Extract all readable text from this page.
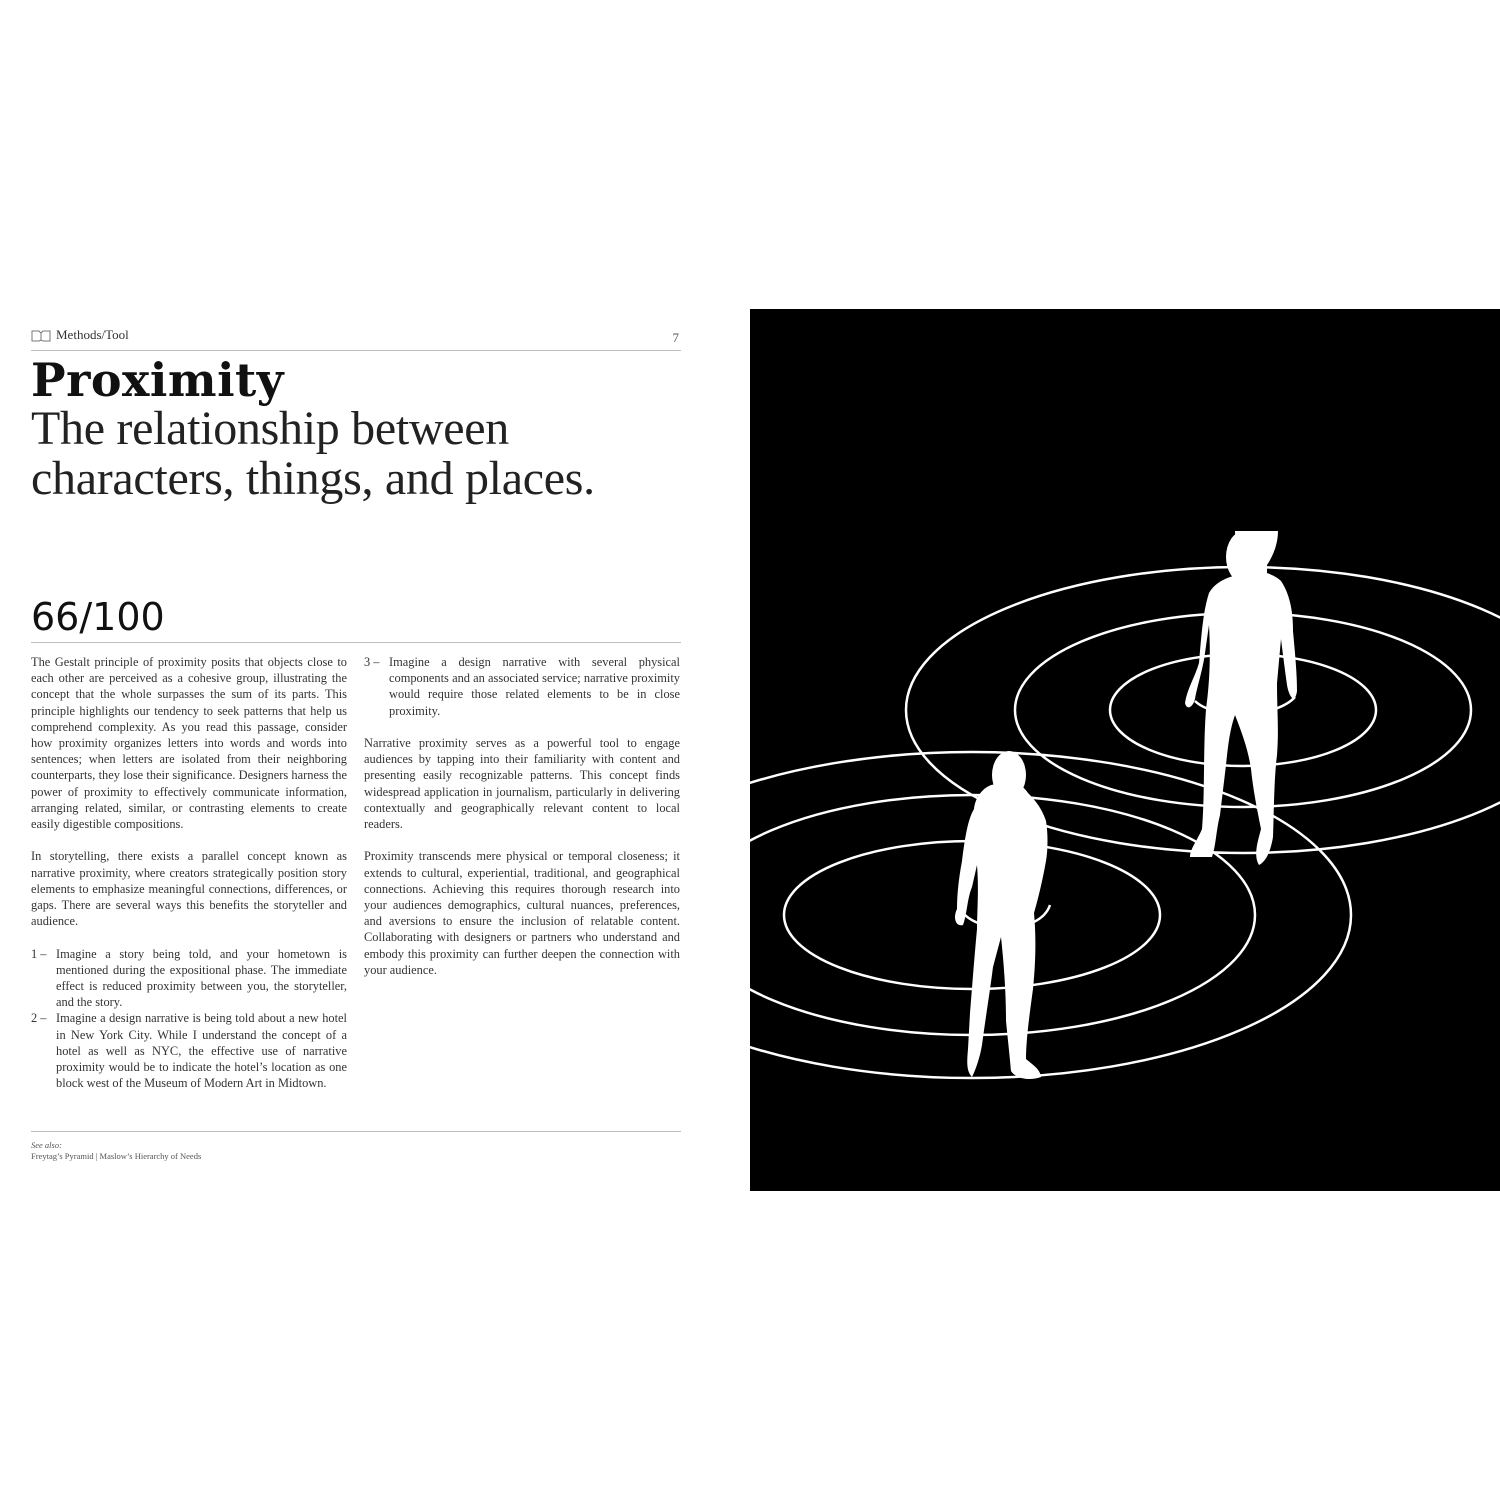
Methods/Tool	7
Proximity
The relationship between characters, things, and places.
66/100

The Gestalt principle of proximity posits that objects close to each other are perceived as a cohesive group, illustrating the concept that the whole surpasses the sum of its parts. This principle highlights our tendency to seek patterns that help us comprehend complexity. As you read this passage, consider how proximity organizes letters into words and words into sentences; when letters are isolated from their neighboring counterparts, they lose their significance. Designers harness the power of proximity to effectively communicate information, arranging related, similar, or contrasting elements to create easily digestible compositions.

In storytelling, there exists a parallel concept known as narrative proximity, where creators strategically position story elements to emphasize meaningful connections, differences, or gaps. There are several ways this benefits the storyteller and audience.

1 – Imagine a story being told, and your hometown is mentioned during the expositional phase. The immediate effect is reduced proximity between you, the storyteller, and the story.
2 – Imagine a design narrative is being told about a new hotel in New York City. While I understand the concept of a hotel as well as NYC, the effective use of narrative proximity would be to indicate the hotel’s location as one block west of the Museum of Modern Art in Midtown.
3 – Imagine a design narrative with several physical components and an associated service; narrative proximity would require those related elements to be in close proximity.

Narrative proximity serves as a powerful tool to engage audiences by tapping into their familiarity with content and presenting easily recognizable patterns. This concept finds widespread application in journalism, particularly in delivering contextually and geographically relevant content to local readers.

Proximity transcends mere physical or temporal closeness; it extends to cultural, experiential, traditional, and geographical connections. Achieving this requires thorough research into your audiences demographics, cultural nuances, preferences, and aversions to ensure the inclusion of relatable content. Collaborating with designers or partners who understand and embody this proximity can further deepen the connection with your audience.

See also:
Freytag’s Pyramid | Maslow’s Hierarchy of Needs
